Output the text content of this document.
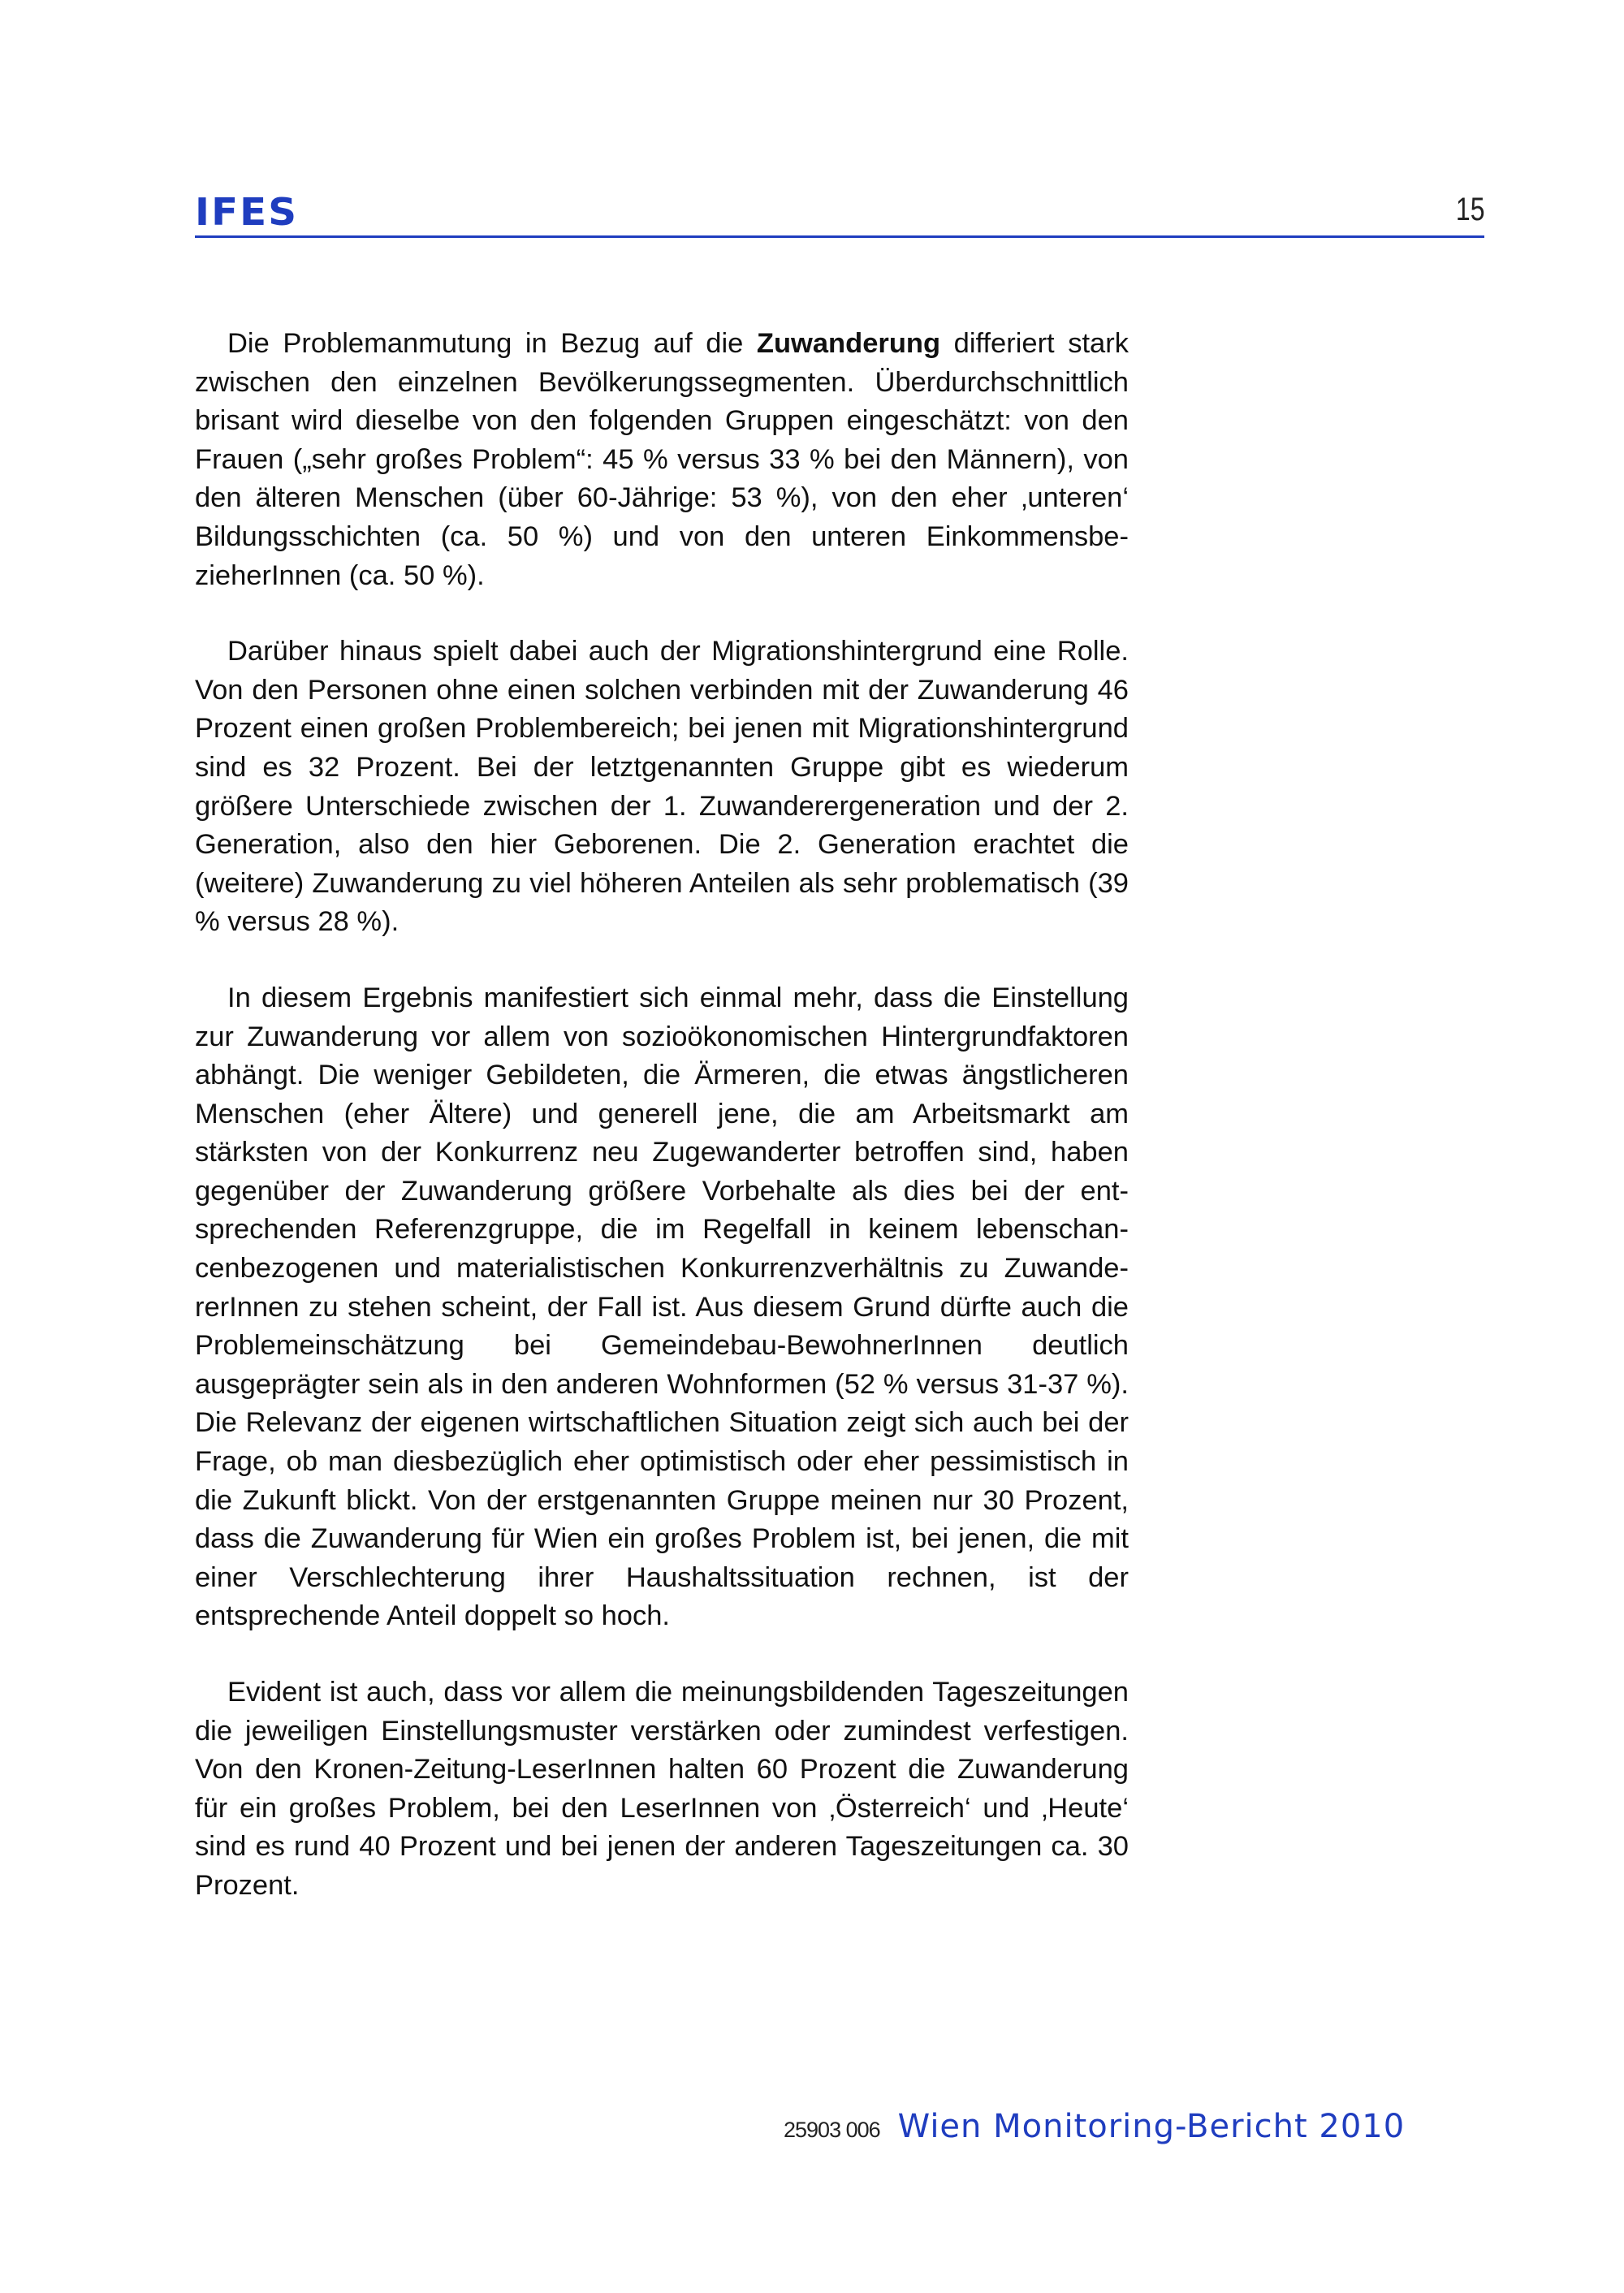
IFES	15

Die Problemanmutung in Bezug auf die Zuwanderung differiert stark zwischen den einzelnen Bevölkerungssegmenten. Überdurchschnittlich brisant wird dieselbe von den folgenden Gruppen eingeschätzt: von den Frauen („sehr großes Problem“: 45 % versus 33 % bei den Männern), von den älteren Menschen (über 60-Jährige: 53 %), von den eher ‚unteren‘ Bildungsschichten (ca. 50 %) und von den unteren EinkommensbezieherInnen (ca. 50 %).

Darüber hinaus spielt dabei auch der Migrationshintergrund eine Rolle. Von den Personen ohne einen solchen verbinden mit der Zuwanderung 46 Prozent einen großen Problembereich; bei jenen mit Migrationshintergrund sind es 32 Prozent. Bei der letztgenannten Gruppe gibt es wiederum größere Unterschiede zwischen der 1. Zuwanderergeneration und der 2. Generation, also den hier Geborenen. Die 2. Generation erachtet die (weitere) Zuwanderung zu viel höheren Anteilen als sehr problematisch (39 % versus 28 %).

In diesem Ergebnis manifestiert sich einmal mehr, dass die Einstellung zur Zuwanderung vor allem von sozioökonomischen Hintergrundfaktoren abhängt. Die weniger Gebildeten, die Ärmeren, die etwas ängstlicheren Menschen (eher Ältere) und generell jene, die am Arbeitsmarkt am stärksten von der Konkurrenz neu Zugewanderter betroffen sind, haben gegenüber der Zuwanderung größere Vorbehalte als dies bei der entsprechenden Referenzgruppe, die im Regelfall in keinem lebenschancenbezogenen und materialistischen Konkurrenzverhältnis zu ZuwandererInnen zu stehen scheint, der Fall ist. Aus diesem Grund dürfte auch die Problemeinschätzung bei Gemeindebau-BewohnerInnen deutlich ausgeprägter sein als in den anderen Wohnformen (52 % versus 31-37 %). Die Relevanz der eigenen wirtschaftlichen Situation zeigt sich auch bei der Frage, ob man diesbezüglich eher optimistisch oder eher pessimistisch in die Zukunft blickt. Von der erstgenannten Gruppe meinen nur 30 Prozent, dass die Zuwanderung für Wien ein großes Problem ist, bei jenen, die mit einer Verschlechterung ihrer Haushaltssituation rechnen, ist der entsprechende Anteil doppelt so hoch.

Evident ist auch, dass vor allem die meinungsbildenden Tageszeitungen die jeweiligen Einstellungsmuster verstärken oder zumindest verfestigen. Von den Kronen-Zeitung-LeserInnen halten 60 Prozent die Zuwanderung für ein großes Problem, bei den LeserInnen von ‚Österreich‘ und ‚Heute‘ sind es rund 40 Prozent und bei jenen der anderen Tageszeitungen ca. 30 Prozent.

25903 006 Wien Monitoring-Bericht 2010
